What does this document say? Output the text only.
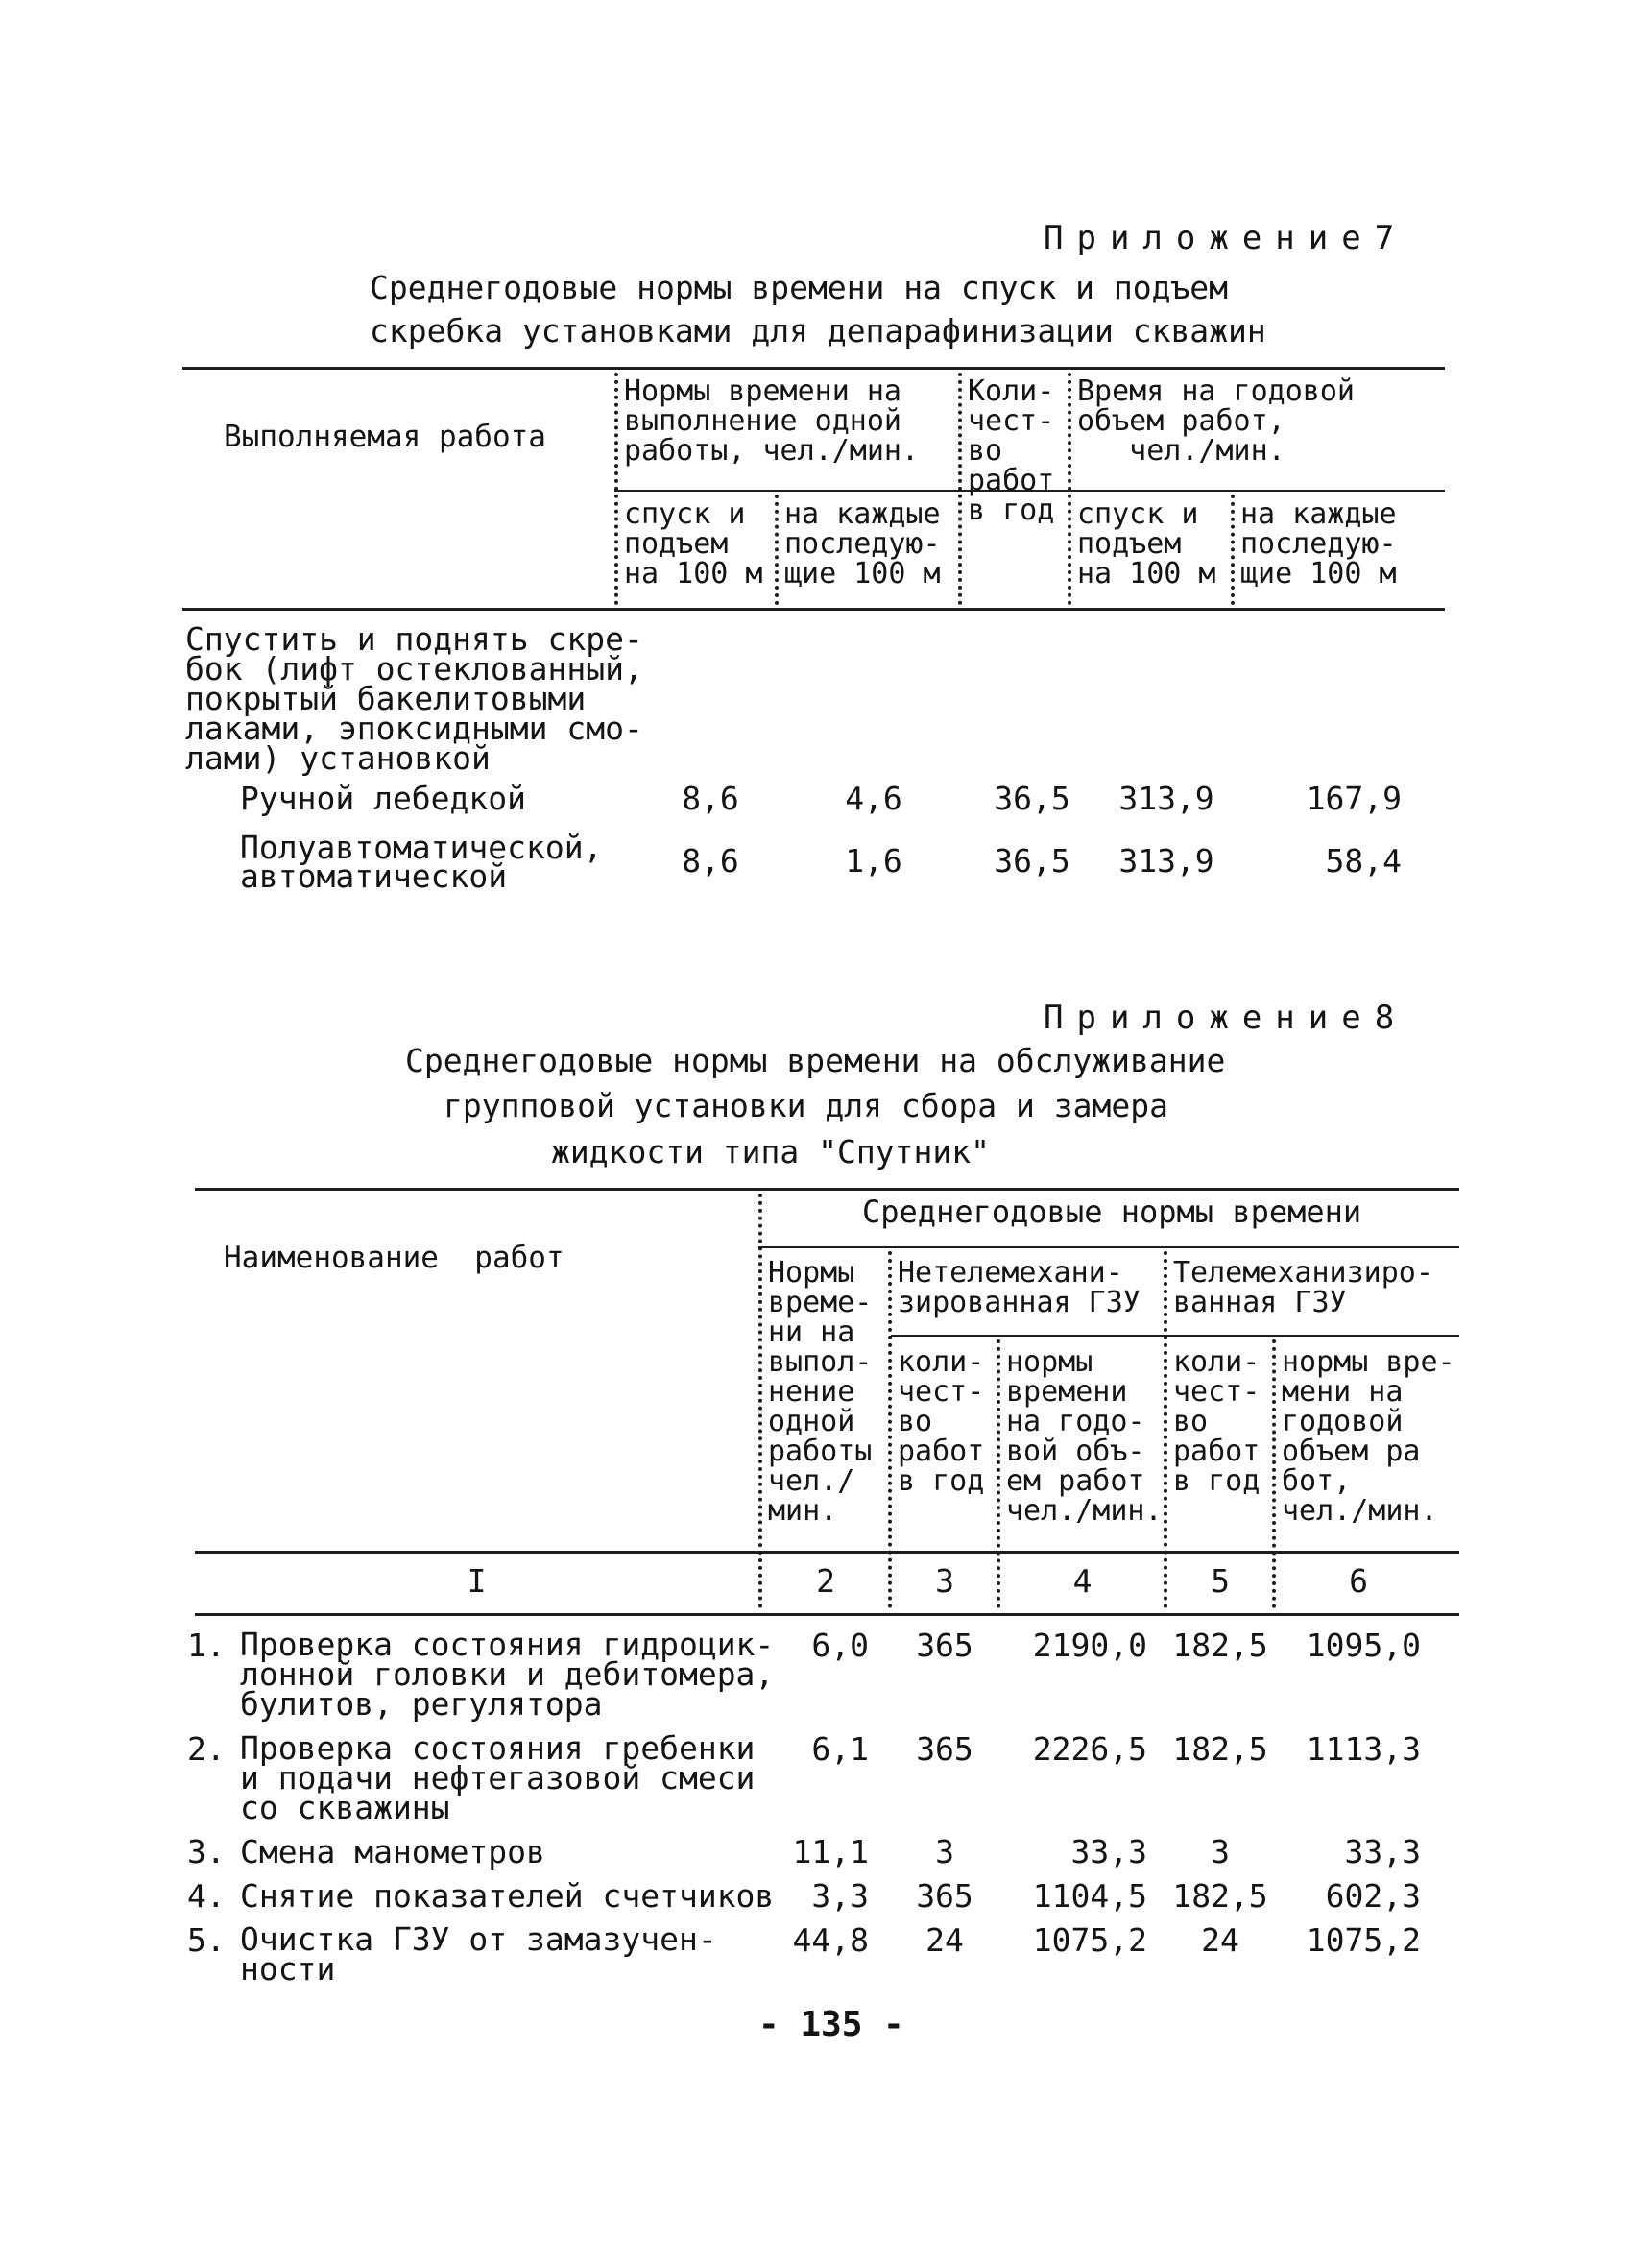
Приложение7
Среднегодовые нормы времени на спуск и подъем
скребка установками для депарафинизации скважин
Выполняемая работа
Нормы времени на
выполнение одной
работы, чел./мин.
Коли-
чест-
во
работ
в год
Время на годовой
объем работ,
чел./мин.
спуск и
подъем
на 100 м
на каждые
последую-
щие 100 м
спуск и
подъем
на 100 м
на каждые
последую-
щие 100 м
Спустить и поднять скре-
бок (лифт остеклованный,
покрытый бакелитовыми
лаками, эпоксидными смо-
лами) установкой
Ручной лебедкой	8,6	4,6	36,5	313,9	167,9
Полуавтоматической,
автоматической	8,6	1,6	36,5	313,9	58,4
Приложение8
Среднегодовые нормы времени на обслуживание
групповой установки для сбора и замера
жидкости типа "Спутник"
Наименование  работ
Среднегодовые нормы времени
Нормы
време-
ни на
выпол-
нение
одной
работы
чел./
мин.
Нетелемехани-
зированная ГЗУ
Телемеханизиро-
ванная ГЗУ
коли-
чест-
во
работ
в год
нормы
времени
на годо-
вой объ-
ем работ
чел./мин.
коли-
чест-
во
работ
в год
нормы вре-
мени на
годовой
объем ра
бот,
чел./мин.
I	2	3	4	5	6
1. Проверка состояния гидроцик-
лонной головки и дебитомера,
булитов, регулятора
6,0	365	2190,0 182,5	1095,0
2. Проверка состояния гребенки
и подачи нефтегазовой смеси
со скважины
6,1	365	2226,5 182,5	1113,3
3. Смена манометров	11,1	3	33,3	3	33,3
4. Снятие показателей счетчиков	3,3	365	1104,5 182,5	602,3
5. Очистка ГЗУ от замазучен-
ности
44,8	24	1075,2	24	1075,2
- 135 -
